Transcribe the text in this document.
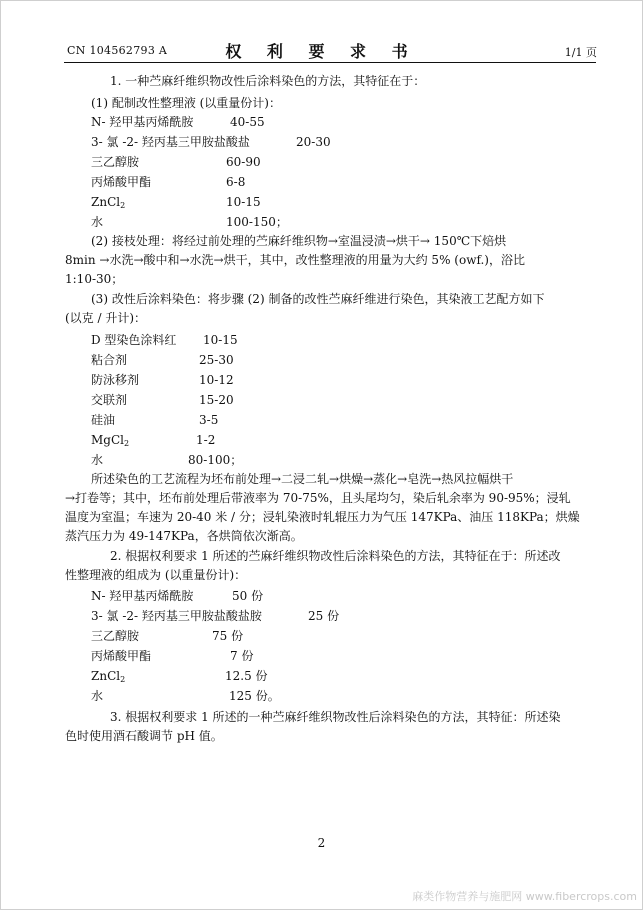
CN 104562793 A	权 利 要 求 书	1/1 页
1. 一种苎麻纤维织物改性后涂料染色的方法，其特征在于：
(1) 配制改性整理液 (以重量份计)：
N- 羟甲基丙烯酰胺	40-55
3- 氯 -2- 羟丙基三甲胺盐酸盐	20-30
三乙醇胺	60-90
丙烯酸甲酯	6-8
ZnCl$_2$	10-15
水	100-150；
(2) 接枝处理：将经过前处理的苎麻纤维织物→室温浸渍→烘干→ 150℃下焙烘
8min →水洗→酸中和→水洗→烘干，其中，改性整理液的用量为大约 5% (owf.)，浴比
1:10-30；
(3) 改性后涂料染色：将步骤 (2) 制备的改性苎麻纤维进行染色，其染液工艺配方如下
(以克 / 升计)：
D 型染色涂料红 10-15
粘合剂	25-30
防泳移剂	10-12
交联剂	15-20
硅油	3-5
MgCl$_2$	1-2
水	80-100；
所述染色的工艺流程为坯布前处理→二浸二轧→烘燥→蒸化→皂洗→热风拉幅烘干
→打卷等；其中，坯布前处理后带液率为 70-75%，且头尾均匀，染后轧余率为 90-95%；浸轧
温度为室温；车速为 20-40 米 / 分；浸轧染液时轧辊压力为气压 147KPa、油压 118KPa；烘燥
蒸汽压力为 49-147KPa，各烘筒依次渐高。
2. 根据权利要求 1 所述的苎麻纤维织物改性后涂料染色的方法，其特征在于：所述改
性整理液的组成为 (以重量份计)：
N- 羟甲基丙烯酰胺	50 份
3- 氯 -2- 羟丙基三甲胺盐酸盐胺	25 份
三乙醇胺	75 份
丙烯酸甲酯	7 份
ZnCl$_2$	12.5 份
水	125 份。
3. 根据权利要求 1 所述的一种苎麻纤维织物改性后涂料染色的方法，其特征：所述染
色时使用酒石酸调节 pH 值。
2
麻类作物营养与施肥网 www.fibercrops.com
